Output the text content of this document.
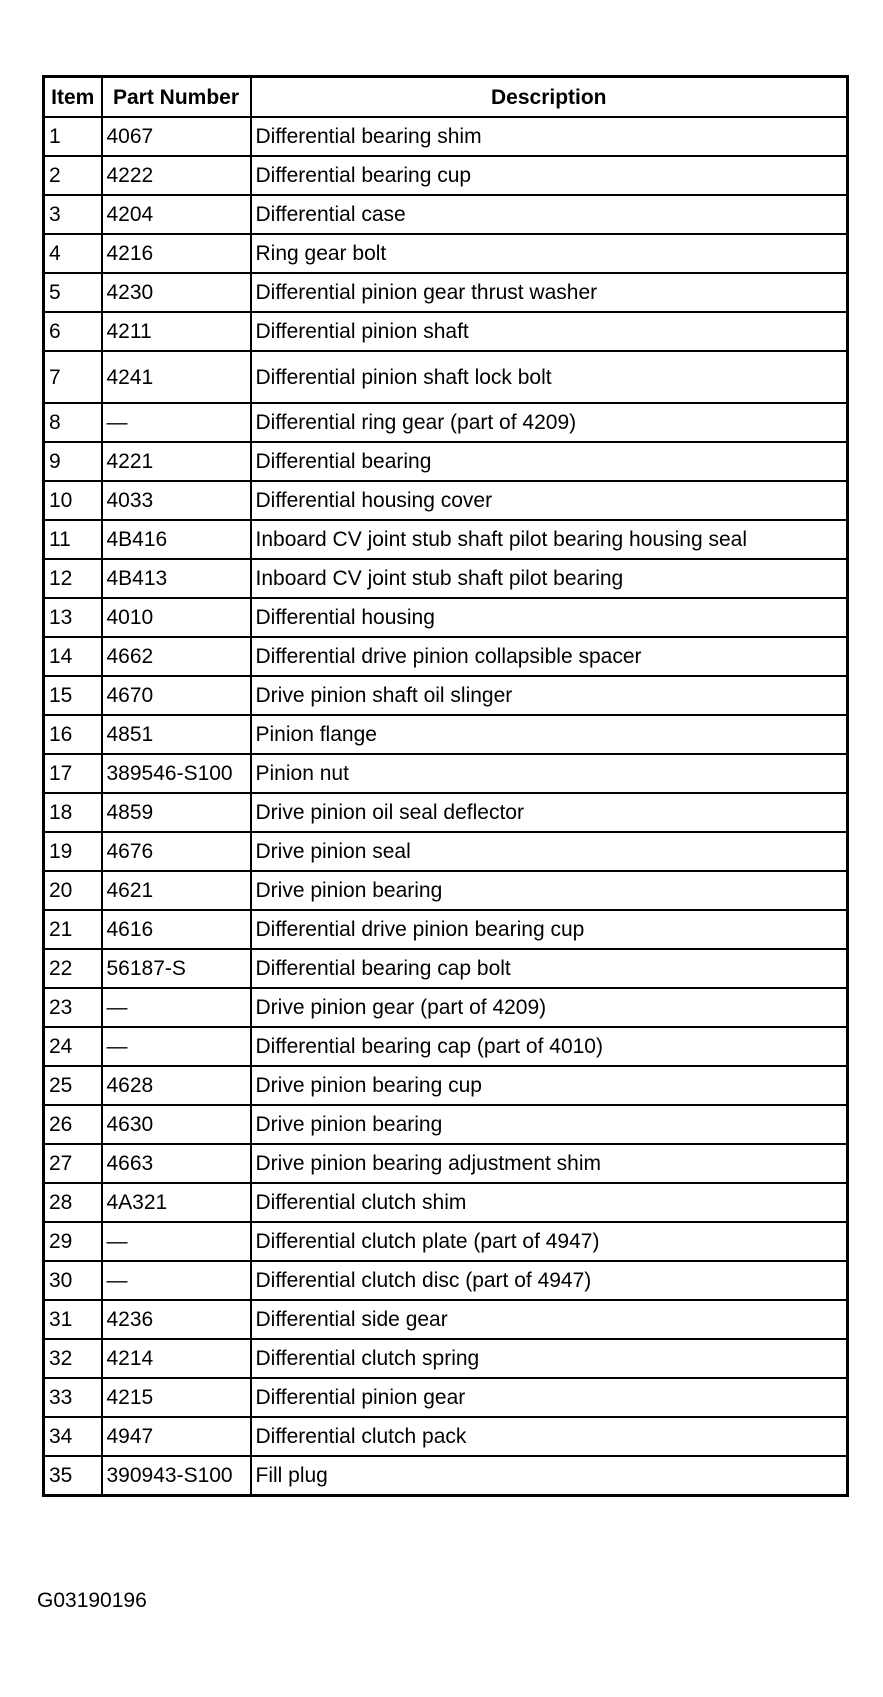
Item	Part Number	Description
1	4067	Differential bearing shim
2	4222	Differential bearing cup
3	4204	Differential case
4	4216	Ring gear bolt
5	4230	Differential pinion gear thrust washer
6	4211	Differential pinion shaft
7	4241	Differential pinion shaft lock bolt
8	—	Differential ring gear (part of 4209)
9	4221	Differential bearing
10	4033	Differential housing cover
11	4B416	Inboard CV joint stub shaft pilot bearing housing seal
12	4B413	Inboard CV joint stub shaft pilot bearing
13	4010	Differential housing
14	4662	Differential drive pinion collapsible spacer
15	4670	Drive pinion shaft oil slinger
16	4851	Pinion flange
17	389546-S100	Pinion nut
18	4859	Drive pinion oil seal deflector
19	4676	Drive pinion seal
20	4621	Drive pinion bearing
21	4616	Differential drive pinion bearing cup
22	56187-S	Differential bearing cap bolt
23	—	Drive pinion gear (part of 4209)
24	—	Differential bearing cap (part of 4010)
25	4628	Drive pinion bearing cup
26	4630	Drive pinion bearing
27	4663	Drive pinion bearing adjustment shim
28	4A321	Differential clutch shim
29	—	Differential clutch plate (part of 4947)
30	—	Differential clutch disc (part of 4947)
31	4236	Differential side gear
32	4214	Differential clutch spring
33	4215	Differential pinion gear
34	4947	Differential clutch pack
35	390943-S100	Fill plug
G03190196
